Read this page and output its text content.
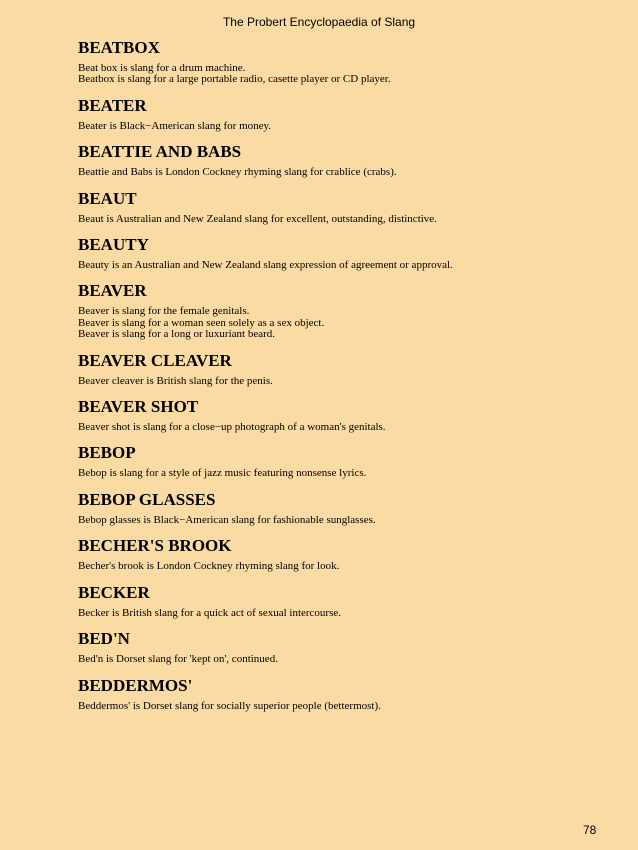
The Probert Encyclopaedia of Slang
BEATBOX
Beat box is slang for a drum machine.
Beatbox is slang for a large portable radio, casette player or CD player.
BEATER
Beater is Black−American slang for money.
BEATTIE AND BABS
Beattie and Babs is London Cockney rhyming slang for crablice (crabs).
BEAUT
Beaut is Australian and New Zealand slang for excellent, outstanding, distinctive.
BEAUTY
Beauty is an Australian and New Zealand slang expression of agreement or approval.
BEAVER
Beaver is slang for the female genitals.
Beaver is slang for a woman seen solely as a sex object.
Beaver is slang for a long or luxuriant beard.
BEAVER CLEAVER
Beaver cleaver is British slang for the penis.
BEAVER SHOT
Beaver shot is slang for a close−up photograph of a woman's genitals.
BEBOP
Bebop is slang for a style of jazz music featuring nonsense lyrics.
BEBOP GLASSES
Bebop glasses is Black−American slang for fashionable sunglasses.
BECHER'S BROOK
Becher's brook is London Cockney rhyming slang for look.
BECKER
Becker is British slang for a quick act of sexual intercourse.
BED'N
Bed'n is Dorset slang for 'kept on', continued.
BEDDERMOS'
Beddermos' is Dorset slang for socially superior people (bettermost).
78
